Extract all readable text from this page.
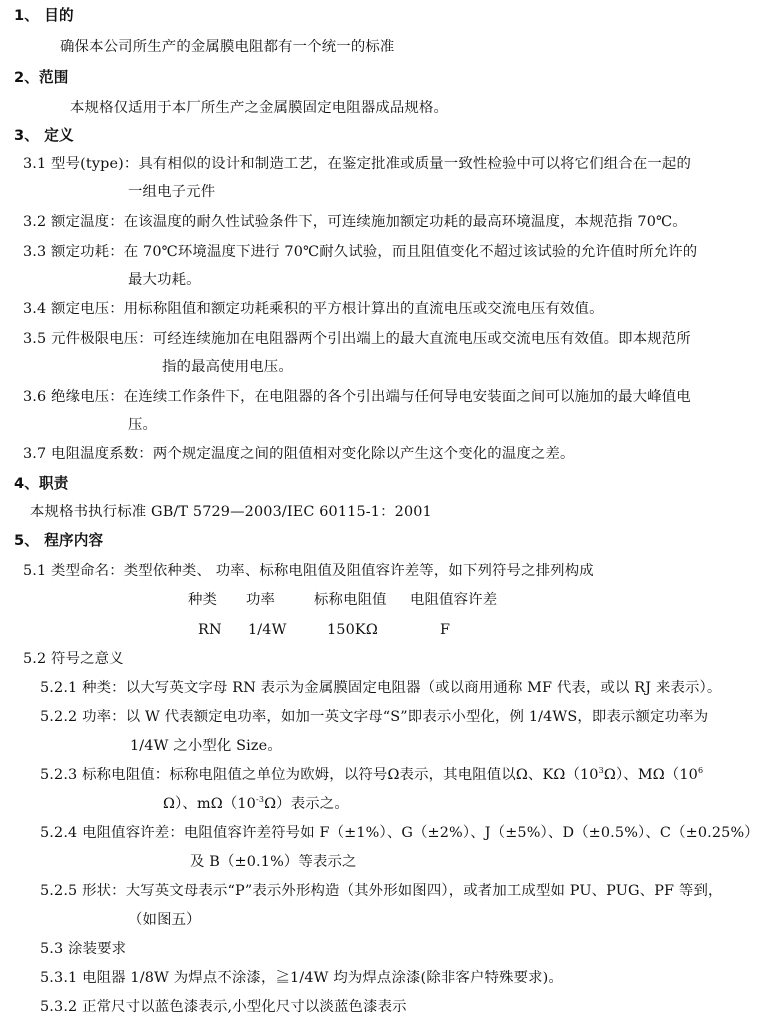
1、 目的
确保本公司所生产的金属膜电阻都有一个统一的标准
2、范围
本规格仅适用于本厂所生产之金属膜固定电阻器成品规格。
3、 定义
3.1 型号(type)：具有相似的设计和制造工艺，在鉴定批准或质量一致性检验中可以将它们组合在一起的
一组电子元件
3.2 额定温度：在该温度的耐久性试验条件下，可连续施加额定功耗的最高环境温度，本规范指 70℃。
3.3 额定功耗：在 70℃环境温度下进行 70℃耐久试验，而且阻值变化不超过该试验的允许值时所允许的
最大功耗。
3.4 额定电压：用标称阻值和额定功耗乘积的平方根计算出的直流电压或交流电压有效值。
3.5 元件极限电压：可经连续施加在电阻器两个引出端上的最大直流电压或交流电压有效值。即本规范所
指的最高使用电压。
3.6 绝缘电压：在连续工作条件下，在电阻器的各个引出端与任何导电安装面之间可以施加的最大峰值电
压。
3.7 电阻温度系数：两个规定温度之间的阻值相对变化除以产生这个变化的温度之差。
4、职责
本规格书执行标准 GB/T 5729—2003/IEC 60115-1：2001
5、 程序内容
5.1 类型命名：类型依种类、 功率、标称电阻值及阻值容许差等，如下列符号之排列构成
种类 功率	标称电阻值 电阻值容许差
RN 1/4W	150KΩ	F
5.2 符号之意义
5.2.1 种类：以大写英文字母 RN 表示为金属膜固定电阻器（或以商用通称 MF 代表，或以 RJ 来表示）。
5.2.2 功率：以 W 代表额定电功率，如加一英文字母“S”即表示小型化，例 1/4WS，即表示额定功率为
1/4W 之小型化 Size。
5.2.3 标称电阻值：标称电阻值之单位为欧姆，以符号Ω表示，其电阻值以Ω、$K\Omega(10^3\Omega)$、$M\Omega(10^6$
Ω）、$m\Omega(10^{-3}\Omega)$表示之。
5.2.4 电阻值容许差：电阻值容许差符号如 F（±1%）、G（±2%）、J（±5%）、D（±0.5%）、C（±0.25%）
及 B（±0.1%）等表示之
5.2.5 形状：大写英文母表示“P”表示外形构造（其外形如图四），或者加工成型如 PU、PUG、PF 等到，
（如图五）
5.3 涂装要求
5.3.1 电阻器 1/8W 为焊点不涂漆，≧1/4W 均为焊点涂漆(除非客户特殊要求)。
5.3.2 正常尺寸以蓝色漆表示,小型化尺寸以淡蓝色漆表示
